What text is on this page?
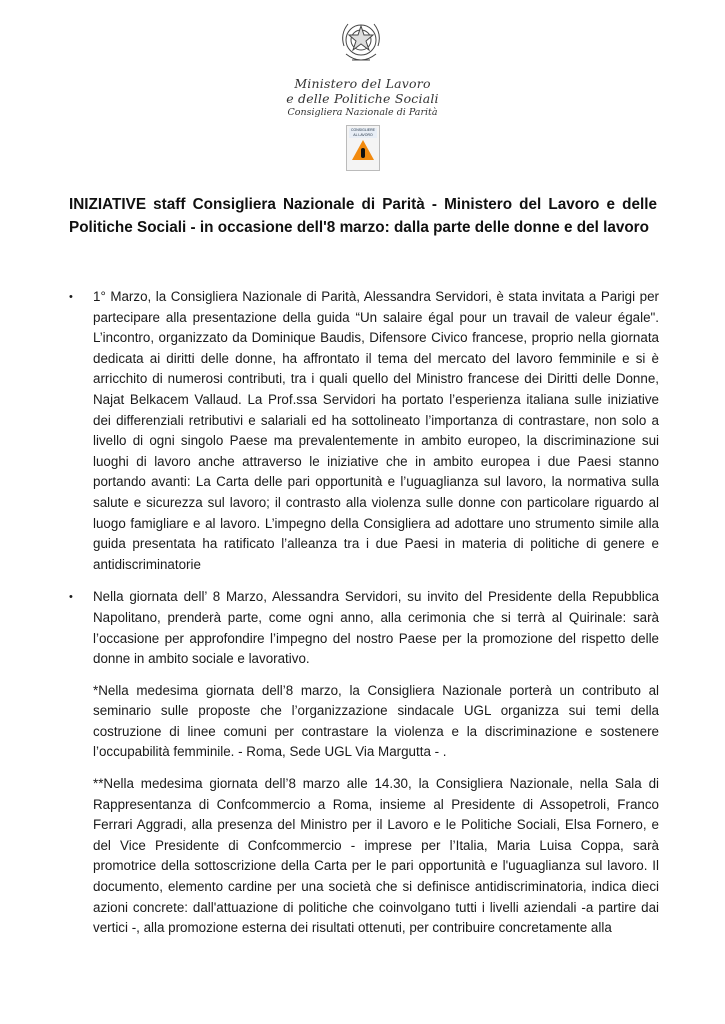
Ministero del Lavoro
e delle Politiche Sociali
Consigliera Nazionale di Parità
CONSIGLIERE AL LAVORO
INIZIATIVE staff Consigliera Nazionale di Parità - Ministero del Lavoro e delle Politiche Sociali - in occasione dell'8 marzo: dalla parte delle donne e del lavoro
• 1° Marzo, la Consigliera Nazionale di Parità, Alessandra Servidori, è stata invitata a Parigi per partecipare alla presentazione della guida “Un salaire égal pour un travail de valeur égale". L’incontro, organizzato da Dominique Baudis, Difensore Civico francese, proprio nella giornata dedicata ai diritti delle donne, ha affrontato il tema del mercato del lavoro femminile e si è arricchito di numerosi contributi, tra i quali quello del Ministro francese dei Diritti delle Donne, Najat Belkacem Vallaud. La Prof.ssa Servidori ha portato l’esperienza italiana sulle iniziative dei differenziali retributivi e salariali ed ha sottolineato l’importanza di contrastare, non solo a livello di ogni singolo Paese ma prevalentemente in ambito europeo, la discriminazione sui luoghi di lavoro anche attraverso le iniziative che in ambito europea i due Paesi stanno portando avanti: La Carta delle pari opportunità e l’uguaglianza sul lavoro, la normativa sulla salute e sicurezza sul lavoro; il contrasto alla violenza sulle donne con particolare riguardo al luogo famigliare e al lavoro. L’impegno della Consigliera ad adottare uno strumento simile alla guida presentata ha ratificato l’alleanza tra i due Paesi in materia di politiche di genere e antidiscriminatorie

• Nella giornata dell’ 8 Marzo, Alessandra Servidori, su invito del Presidente della Repubblica Napolitano, prenderà parte, come ogni anno, alla cerimonia che si terrà al Quirinale: sarà l’occasione per approfondire l’impegno del nostro Paese per la promozione del rispetto delle donne in ambito sociale e lavorativo.

*Nella medesima giornata dell’8 marzo, la Consigliera Nazionale porterà un contributo al seminario sulle proposte che l’organizzazione sindacale UGL organizza sui temi della costruzione di linee comuni per contrastare la violenza e la discriminazione e sostenere l’occupabilità femminile. - Roma, Sede UGL Via Margutta - .

**Nella medesima giornata dell’8 marzo alle 14.30, la Consigliera Nazionale, nella Sala di Rappresentanza di Confcommercio a Roma, insieme al Presidente di Assopetroli, Franco Ferrari Aggradi, alla presenza del Ministro per il Lavoro e le Politiche Sociali, Elsa Fornero, e del Vice Presidente di Confcommercio - imprese per l’Italia, Maria Luisa Coppa, sarà promotrice della sottoscrizione della Carta per le pari opportunità e l'uguaglianza sul lavoro. Il documento, elemento cardine per una società che si definisce antidiscriminatoria, indica dieci azioni concrete: dall'attuazione di politiche che coinvolgano tutti i livelli aziendali -a partire dai vertici -, alla promozione esterna dei risultati ottenuti, per contribuire concretamente alla
